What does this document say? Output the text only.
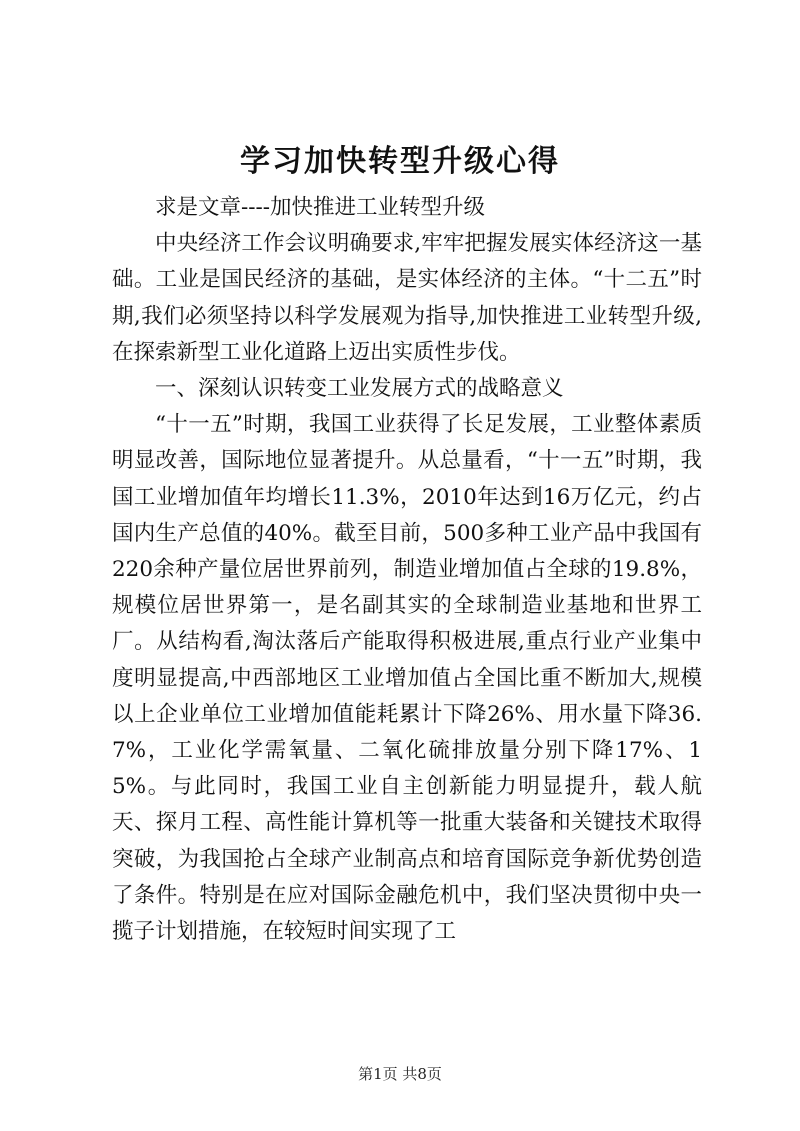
学习加快转型升级心得

求是文章----加快推进工业转型升级

中央经济工作会议明确要求,牢牢把握发展实体经济这一基础。工业是国民经济的基础，是实体经济的主体。“十二五”时期,我们必须坚持以科学发展观为指导,加快推进工业转型升级,在探索新型工业化道路上迈出实质性步伐。

一、深刻认识转变工业发展方式的战略意义

“十一五”时期，我国工业获得了长足发展，工业整体素质明显改善，国际地位显著提升。从总量看，“十一五”时期，我国工业增加值年均增长11.3%，2010年达到16万亿元，约占国内生产总值的40%。截至目前，500多种工业产品中我国有220余种产量位居世界前列，制造业增加值占全球的19.8%，规模位居世界第一，是名副其实的全球制造业基地和世界工厂。从结构看,淘汰落后产能取得积极进展,重点行业产业集中度明显提高,中西部地区工业增加值占全国比重不断加大,规模以上企业单位工业增加值能耗累计下降26%、用水量下降36.7%，工业化学需氧量、二氧化硫排放量分别下降17%、15%。与此同时，我国工业自主创新能力明显提升，载人航天、探月工程、高性能计算机等一批重大装备和关键技术取得突破，为我国抢占全球产业制高点和培育国际竞争新优势创造了条件。特别是在应对国际金融危机中，我们坚决贯彻中央一揽子计划措施，在较短时间实现了工

第1页 共8页
